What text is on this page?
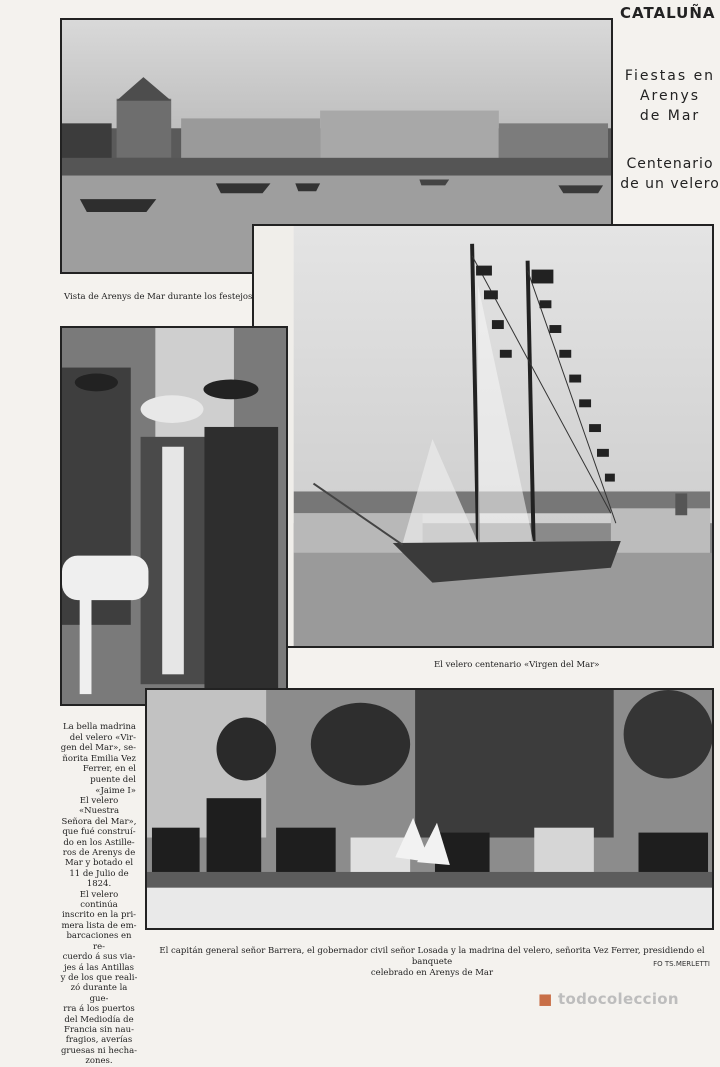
CATALUÑA
Fiestas en
Arenys
de Mar
Centenario
de un velero
Vista de Arenys de Mar durante los festejos
El velero centenario «Virgen del Mar»
La bella madrina
del velero «Vir-
gen del Mar», se-
ñorita Emilia Vez
Ferrer, en el
puente del
«Jaime I»
El velero «Nuestra
Señora del Mar»,
que fué construí-
do en los Astille-
ros de Arenys de
Mar y botado el
11 de Julio de 1824.
El velero continúa
inscrito en la pri-
mera lista de em-
barcaciones en re-
cuerdo á sus via-
jes á las Antillas
y de los que reali-
zó durante la gue-
rra á los puertos
del Mediodía de
Francia sin nau-
fragios, averías
gruesas ni hecha-
zones.
El capitán general señor Barrera, el gobernador civil señor Losada y la madrina del velero, señorita Vez Ferrer, presidiendo el banquete
celebrado en Arenys de Mar
FO TS.MERLETTI
■ todocoleccion
